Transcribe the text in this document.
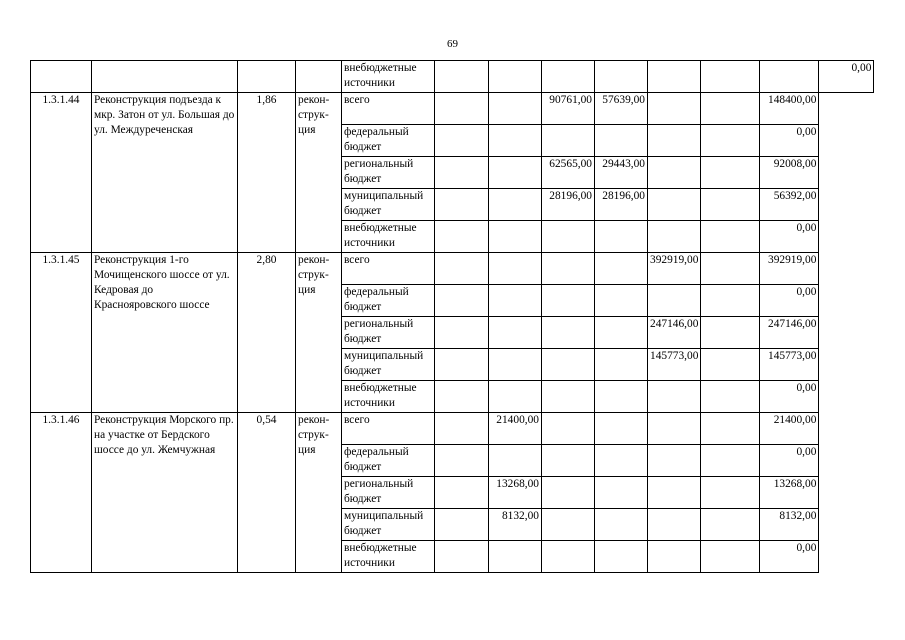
69
				внебюджетные источники								0,00
1.3.1.44	Реконструкция подъезда к мкр. Затон от ул. Большая до ул. Междуреченская	1,86	рекон-струк-ция	всего			90761,00	57639,00			148400,00	
				федеральный бюджет							0,00	
				региональный бюджет			62565,00	29443,00			92008,00	
				муниципальный бюджет			28196,00	28196,00			56392,00	
				внебюджетные источники							0,00	
1.3.1.45	Реконструкция 1-го Мочищенского шоссе от ул. Кедровая до Краснояровского шоссе	2,80	рекон-струк-ция	всего					392919,00		392919,00	
				федеральный бюджет							0,00	
				региональный бюджет					247146,00		247146,00	
				муниципальный бюджет					145773,00		145773,00	
				внебюджетные источники							0,00	
1.3.1.46	Реконструкция Морского пр. на участке от Бердского шоссе до ул. Жемчужная	0,54	рекон-струк-ция	всего		21400,00					21400,00	
				федеральный бюджет							0,00	
				региональный бюджет		13268,00					13268,00	
				муниципальный бюджет		8132,00					8132,00	
				внебюджетные источники							0,00	
